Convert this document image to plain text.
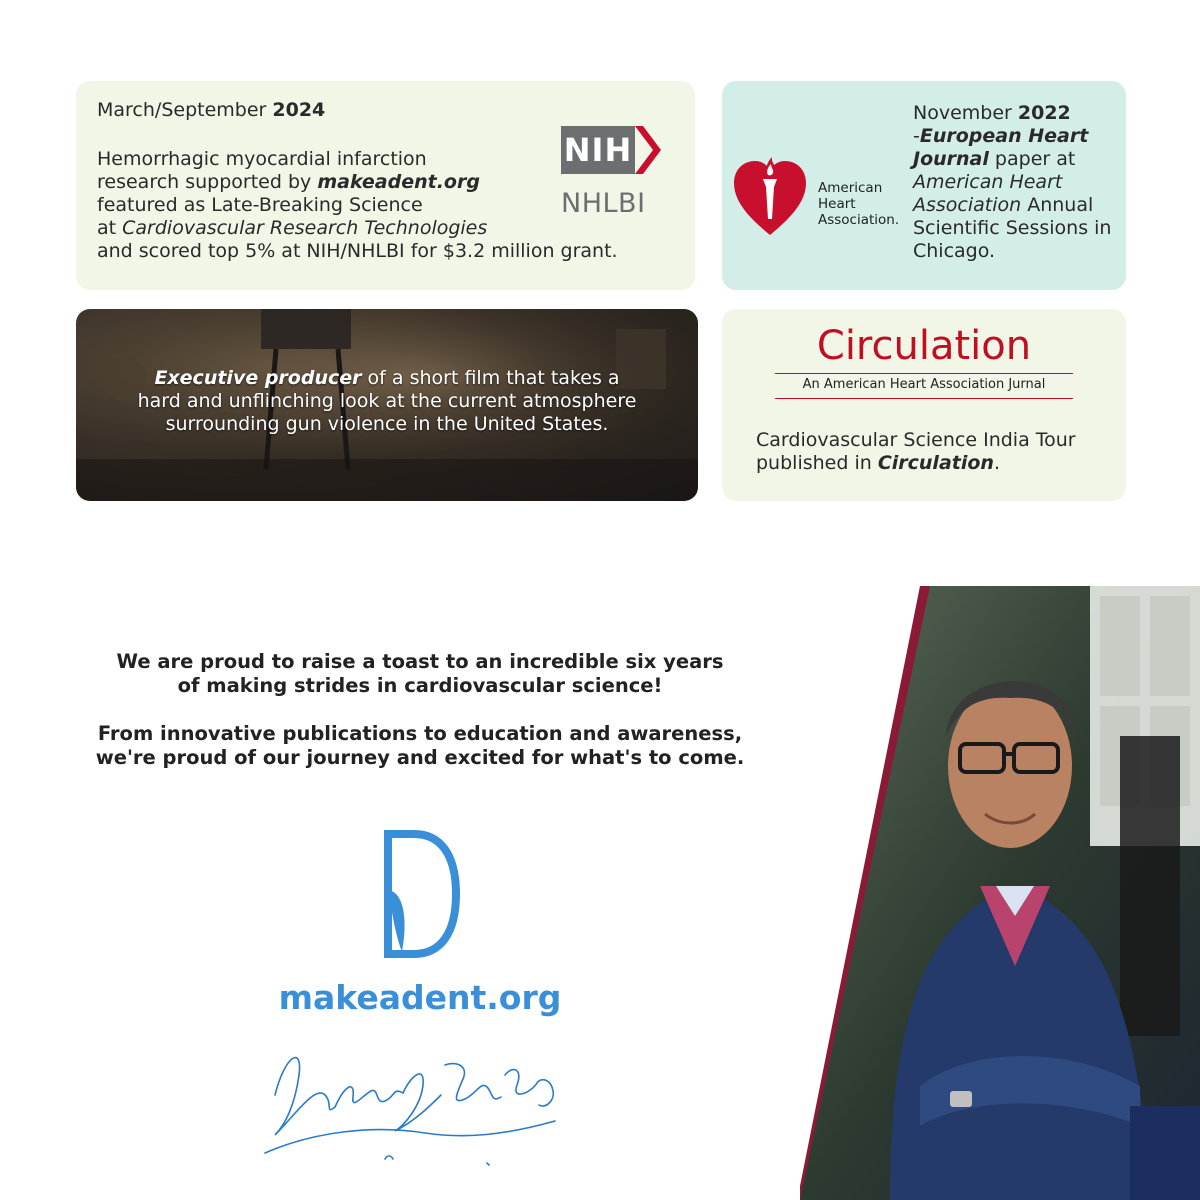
March/September 2024
Hemorrhagic myocardial infarction
research supported by makeadent.org
featured as Late-Breaking Science
at Cardiovascular Research Technologies
and scored top 5% at NIH/NHLBI for $3.2 million grant.
NIH
NHLBI	American
Heart
Association.
November 2022
-European Heart Journal paper at American Heart Association Annual Scientific Sessions in Chicago.
Executive producer of a short film that takes a
hard and unflinching look at the current atmosphere
surrounding gun violence in the United States.
Circulation
An American Heart Association Jurnal
Cardiovascular Science India Tour
published in Circulation.

We are proud to raise a toast to an incredible six years
of making strides in cardiovascular science!

From innovative publications to education and awareness,
we're proud of our journey and excited for what's to come.

makeadent.org
